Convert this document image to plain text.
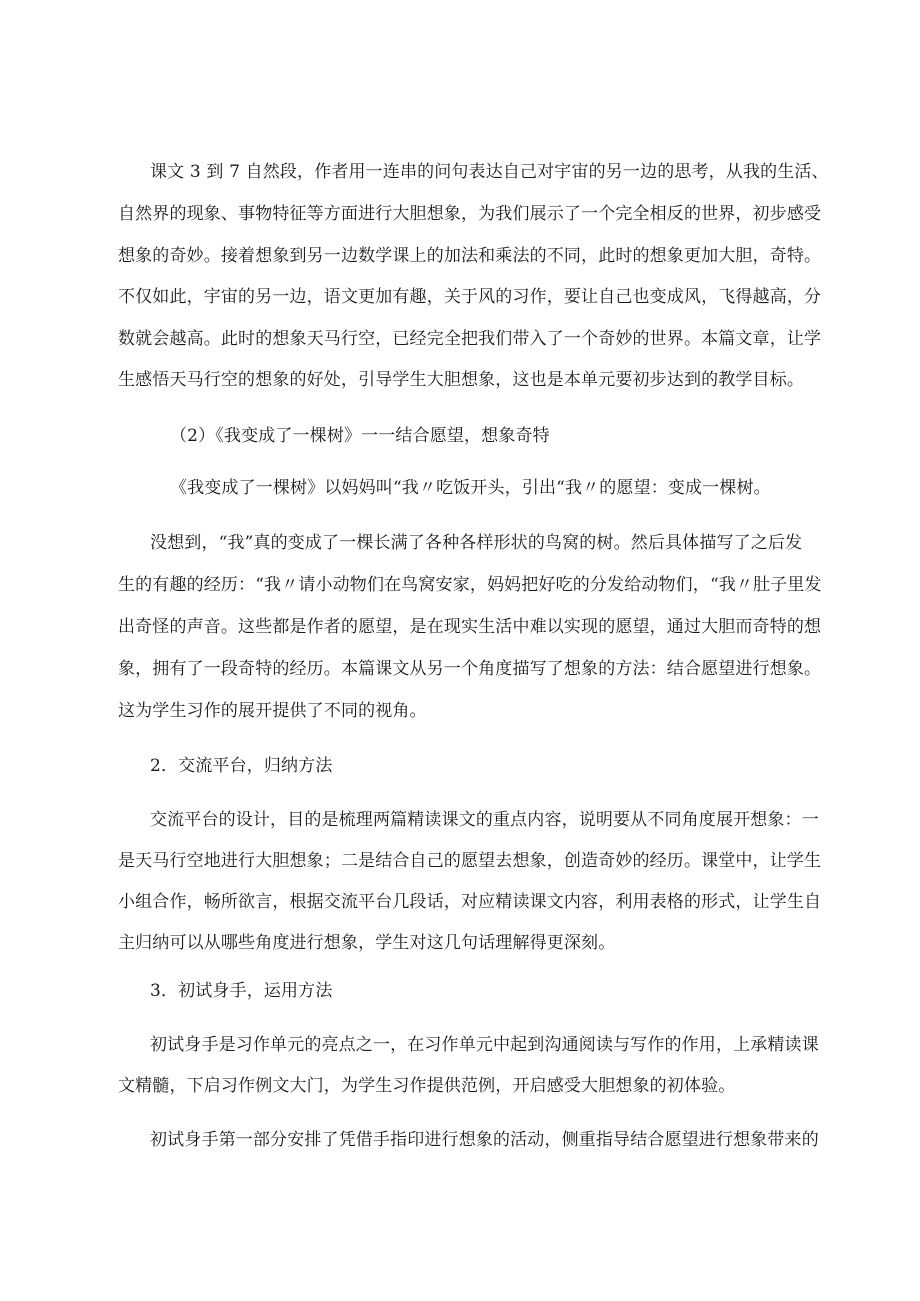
课文 3 到 7 自然段，作者用一连串的问句表达自己对宇宙的另一边的思考，从我的生活、
自然界的现象、事物特征等方面进行大胆想象，为我们展示了一个完全相反的世界，初步感受
想象的奇妙。接着想象到另一边数学课上的加法和乘法的不同，此时的想象更加大胆，奇特。
不仅如此，宇宙的另一边，语文更加有趣，关于风的习作，要让自己也变成风，飞得越高，分
数就会越高。此时的想象天马行空，已经完全把我们带入了一个奇妙的世界。本篇文章，让学
生感悟天马行空的想象的好处，引导学生大胆想象，这也是本单元要初步达到的教学目标。
（2）《我变成了一棵树》一一结合愿望，想象奇特
《我变成了一棵树》以妈妈叫“我〃吃饭开头，引出“我〃的愿望：变成一棵树。
没想到，“我”真的变成了一棵长满了各种各样形状的鸟窝的树。然后具体描写了之后发
生的有趣的经历：“我〃请小动物们在鸟窝安家，妈妈把好吃的分发给动物们，“我〃肚子里发
出奇怪的声音。这些都是作者的愿望，是在现实生活中难以实现的愿望，通过大胆而奇特的想
象，拥有了一段奇特的经历。本篇课文从另一个角度描写了想象的方法：结合愿望进行想象。
这为学生习作的展开提供了不同的视角。
2．交流平台，归纳方法
交流平台的设计，目的是梳理两篇精读课文的重点内容，说明要从不同角度展开想象：一
是天马行空地进行大胆想象；二是结合自己的愿望去想象，创造奇妙的经历。课堂中，让学生
小组合作，畅所欲言，根据交流平台几段话，对应精读课文内容，利用表格的形式，让学生自
主归纳可以从哪些角度进行想象，学生对这几句话理解得更深刻。
3．初试身手，运用方法
初试身手是习作单元的亮点之一，在习作单元中起到沟通阅读与写作的作用，上承精读课
文精髓，下启习作例文大门，为学生习作提供范例，开启感受大胆想象的初体验。
初试身手第一部分安排了凭借手指印进行想象的活动，侧重指导结合愿望进行想象带来的
